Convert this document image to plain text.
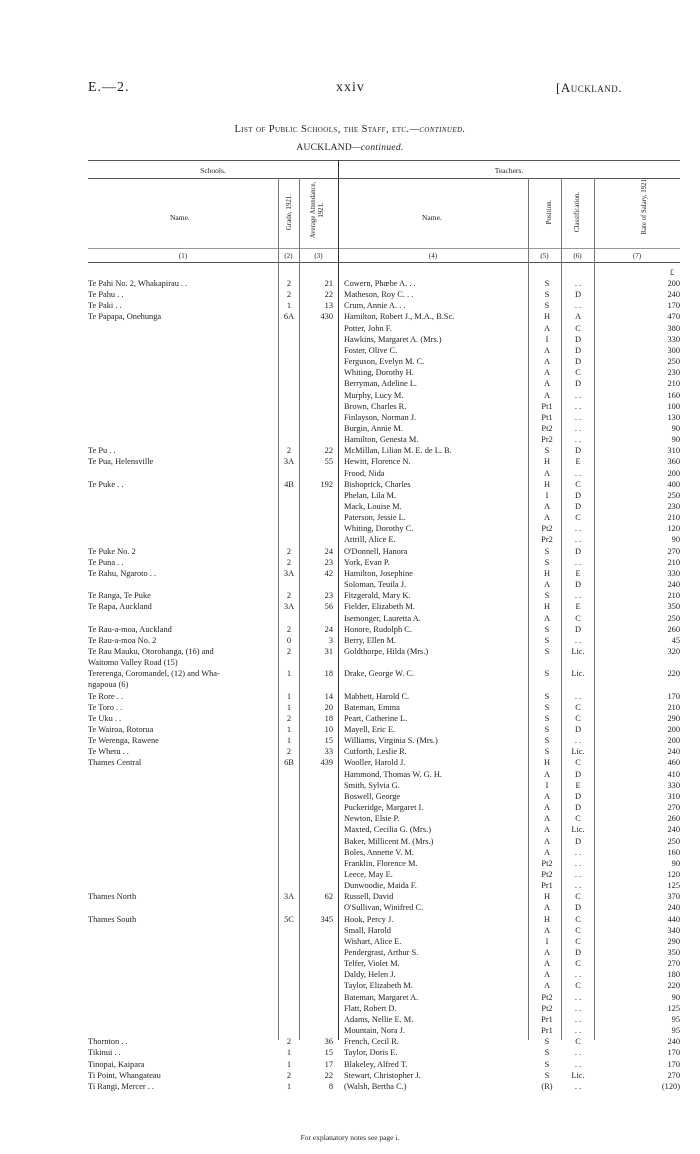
E.—2.	xxiv	[Auckland.
List of Public Schools, the Staff, etc.—continued.
AUCKLAND—continued.
Schools.	Teachers.
Name.	Grade, 1921.	Average Attendance, 1921.	Name.	Position.	Classification.	Rate of Salary, 1921.
(1)	(2)	(3)	(4)	(5)	(6)	(7)
£
Te Pahi No. 2, Whakapirau . .	2	21 Cowern, Phœbe A. . .	S	. .	200
Te Pahu . .	2	22 Matheson, Roy C. . .	S	D	240
Te Paki . .	1	13 Crum, Annie A. . .	S	. .	170
Te Papapa, Onehunga	6A	430 Hamilton, Robert J., M.A., B.Sc.	H	A	470
Potter, John F.	A	C	380
Hawkins, Margaret A. (Mrs.)	I	D	330
Foster, Olive C.	A	D	300
Ferguson, Evelyn M. C.	A	D	250
Whiting, Dorothy H.	A	C	230
Berryman, Adeline L.	A	D	210
Murphy, Lucy M.	A	. .	160
Brown, Charles R.	Pt1	. .	100
Finlayson, Norman J.	Pt1	. .	130
Burgin, Annie M.	Pt2	. .	90
Hamilton, Genesta M.	Pr2	. .	90
Te Pu . .	2	22 McMillan, Lilian M. E. de L. B.	S	D	310
Te Pua, Helensville	3A	55 Hewitt, Florence N.	H	E	360
Frood, Nida	A	. .	200
Te Puke . .	4B	192 Bishoprick, Charles	H	C	400
Phelan, Lila M.	I	D	250
Mack, Louise M.	A	D	230
Paterson, Jessie L.	A	C	210
Whiting, Dorothy C.	Pt2	. .	120
Attrill, Alice E.	Pr2	. .	90
Te Puke No. 2	2	24 O'Donnell, Hanora	S	D	270
Te Puna . .	2	23 York, Evan P.	S	. .	210
Te Rahu, Ngaroto . .	3A	42 Hamilton, Josephine	H	E	330
Soloman, Teuila J.	A	D	240
Te Ranga, Te Puke	2	23 Fitzgerald, Mary K.	S	. .	210
Te Rapa, Auckland	3A	56 Fielder, Elizabeth M.	H	E	350
Isemonger, Lauretta A.	A	C	250
Te Rau-a-moa, Auckland	2	24 Honore, Rudolph C.	S	D	260
Te Rau-a-moa No. 2	0	3 Berry, Ellen M.	S	. .	45
Te Rau Mauku, Otorohanga, (16) and	2	31 Goldthorpe, Hilda (Mrs.)	S	Lic.	320
Waitomo Valley Road (15)
Tererenga, Coromandel, (12) and Wha-	1	18 Drake, George W. C.	S	Lic.	220
ngapoua (6)
Te Rore . .	1	14 Mabbett, Harold C.	S	. .	170
Te Toro . .	1	20 Bateman, Emma	S	C	210
Te Uku . .	2	18 Peart, Catherine L.	S	C	290
Te Wairoa, Rotorua	1	10 Mayell, Eric E.	S	D	200
Te Werenga, Rawene	1	15 Williams, Virginia S. (Mrs.)	S	. .	200
Te Whetu . .	2	33 Cutforth, Leslie R.	S	Lic.	240
Thames Central	6B	439 Wooller, Harold J.	H	C	460
Hammond, Thomas W. G. H.	A	D	410
Smith, Sylvia G.	I	E	330
Boswell, George	A	D	310
Puckeridge, Margaret I.	A	D	270
Newton, Elsie P.	A	C	260
Maxted, Cecilia G. (Mrs.)	A	Lic.	240
Baker, Millicent M. (Mrs.)	A	D	250
Boles, Annette V. M.	A	. .	160
Franklin, Florence M.	Pt2	. .	90
Leece, May E.	Pt2	. .	120
Dunwoodie, Maida F.	Pr1	. .	125
Thames North	3A	62 Russell, David	H	C	370
O'Sullivan, Winifred C.	A	D	240
Thames South	5C	345 Hook, Percy J.	H	C	440
Small, Harold	A	C	340
Wishart, Alice E.	I	C	290
Pendergrast, Arthur S.	A	D	350
Telfer, Violet M.	A	C	270
Daldy, Helen J.	A	. .	180
Taylor, Elizabeth M.	A	C	220
Bateman, Margaret A.	Pt2	. .	90
Flatt, Robert D.	Pt2	. .	125
Adams, Nellie E. M.	Pr1	. .	95
Mountain, Nora J.	Pr1	. .	95
Thornton . .	2	36 French, Cecil R.	S	C	240
Tikinui . .	1	15 Taylor, Doris E.	S	. .	170
Tinopai, Kaipara	1	17 Blakeley, Alfred T.	S	. .	170
Ti Point, Whangateau	2	22 Stewart, Christopher J.	S	Lic.	270
Ti Rangi, Mercer . .	1	8 (Walsh, Bertha C.)	(R)	. .	(120)
For explanatory notes see page i.
